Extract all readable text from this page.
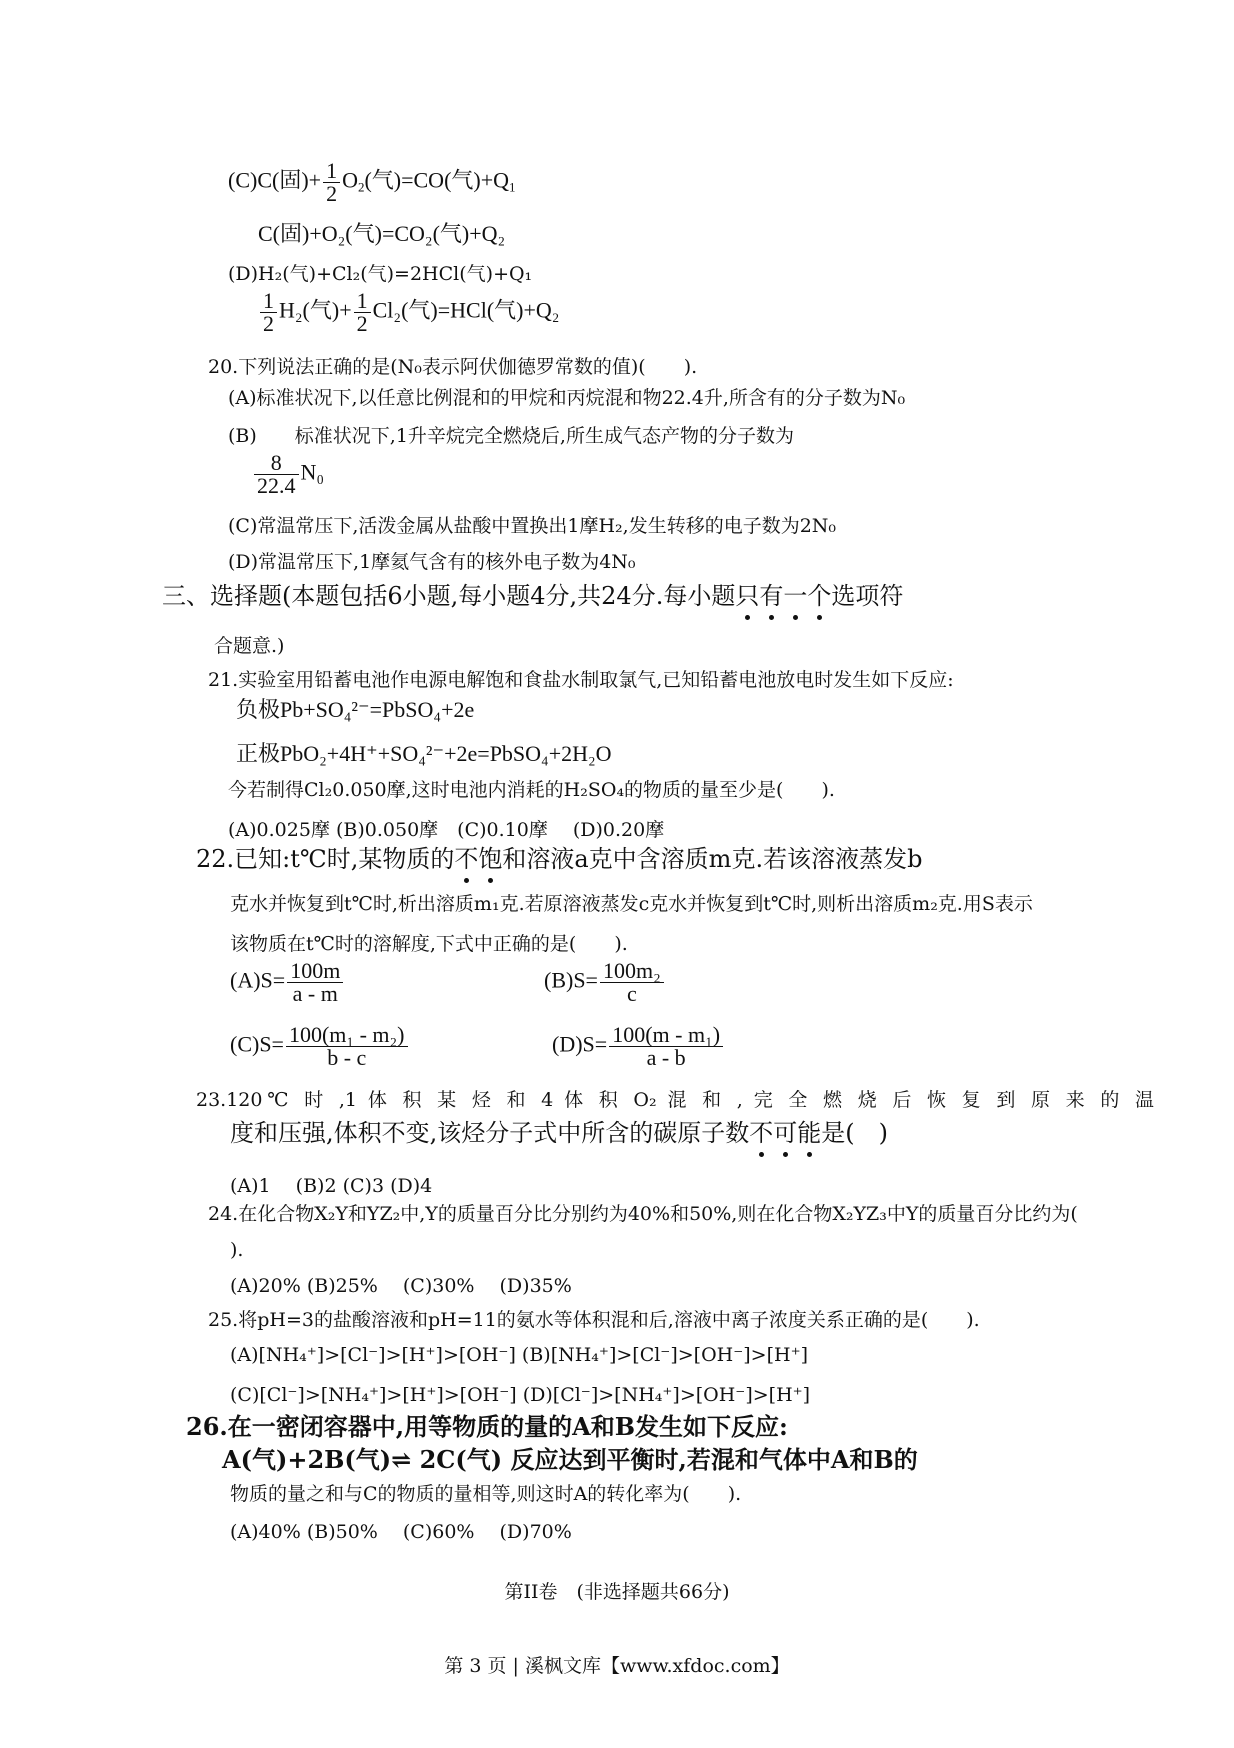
(C)C(固)+ $\frac{1}{2} O_2$(气)=CO(气)$+Q_1$
C(固)+O₂(气)=CO₂(气)+Q₂
(D)H₂(气)+Cl₂(气)=2HCl(气)+Q₁
$\frac{1}{2} H_2$(气)+ $\frac{1}{2} Cl_2$(气)=HCl(气)+Q₂
20.下列说法正确的是(N₀表示阿伏伽德罗常数的值)(　　).
(A)标准状况下,以任意比例混和的甲烷和丙烷混和物22.4升,所含有的分子数为N₀
(B)　　标准状况下,1升辛烷完全燃烧后,所生成气态产物的分子数为
$\frac{8}{22.4} N_0$
(C)常温常压下,活泼金属从盐酸中置换出1摩H₂,发生转移的电子数为2N₀
(D)常温常压下,1摩氦气含有的核外电子数为4N₀
三、选择题(本题包括6小题,每小题4分,共24分.每小题只有一个选项符
合题意.)
21.实验室用铅蓄电池作电源电解饱和食盐水制取氯气,已知铅蓄电池放电时发生如下反应:
负极Pb+SO₄²⁻=PbSO₄+2e
正极PbO₂+4H⁺+SO₄²⁻+2e=PbSO₄+2H₂O
今若制得Cl₂0.050摩,这时电池内消耗的H₂SO₄的物质的量至少是(　　).
(A)0.025摩 (B)0.050摩　(C)0.10摩　 (D)0.20摩
22.已知:t℃时,某物质的不饱和溶液a克中含溶质m克.若该溶液蒸发b
克水并恢复到t℃时,析出溶质m₁克.若原溶液蒸发c克水并恢复到t℃时,则析出溶质m₂克.用S表示
该物质在t℃时的溶解度,下式中正确的是(　　).
$(A)S= \frac{100m}{a - m}$	$(B)S= \frac{\text{100m₂}}{c}$
$(C)S= \frac{\text{100(m₁ - m₂)}}{b - c}$	$(D)S= \frac{\text{100(m - m₁)}}{a - b}$
23.120℃ 时 ,1 体 积 某 烃 和 4 体 积 O₂ 混 和 , 完 全 燃 烧 后 恢 复 到 原 来 的 温
度和压强,体积不变,该烃分子式中所含的碳原子数不可能是(　)
(A)1　 (B)2 (C)3 (D)4
24.在化合物X₂Y和YZ₂中,Y的质量百分比分别约为40%和50%,则在化合物X₂YZ₃中Y的质量百分比约为(
).
(A)20% (B)25%　 (C)30%　 (D)35%
25.将pH=3的盐酸溶液和pH=11的氨水等体积混和后,溶液中离子浓度关系正确的是(　　).
(A)[NH₄⁺]>[Cl⁻]>[H⁺]>[OH⁻] (B)[NH₄⁺]>[Cl⁻]>[OH⁻]>[H⁺]
(C)[Cl⁻]>[NH₄⁺]>[H⁺]>[OH⁻] (D)[Cl⁻]>[NH₄⁺]>[OH⁻]>[H⁺]
26.在一密闭容器中,用等物质的量的A和B发生如下反应:
A(气)+2B(气)⇌ 2C(气) 反应达到平衡时,若混和气体中A和B的
物质的量之和与C的物质的量相等,则这时A的转化率为(　　).
(A)40% (B)50%　 (C)60%　 (D)70%
第II卷　(非选择题共66分)
第 3 页 | 溪枫文库【www.xfdoc.com】
